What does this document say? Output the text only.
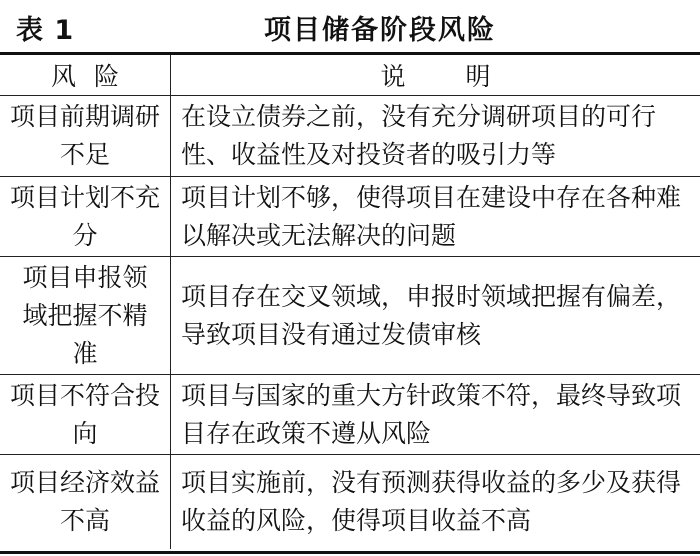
表 1	项目储备阶段风险
风险	说明
项目前期调研不足	在设立债券之前，没有充分调研项目的可行性、收益性及对投资者的吸引力等
项目计划不充分	项目计划不够，使得项目在建设中存在各种难以解决或无法解决的问题
项目申报领域把握不精准	项目存在交叉领域，申报时领域把握有偏差，导致项目没有通过发债审核
项目不符合投向	项目与国家的重大方针政策不符，最终导致项目存在政策不遵从风险
项目经济效益不高	项目实施前，没有预测获得收益的多少及获得收益的风险，使得项目收益不高
